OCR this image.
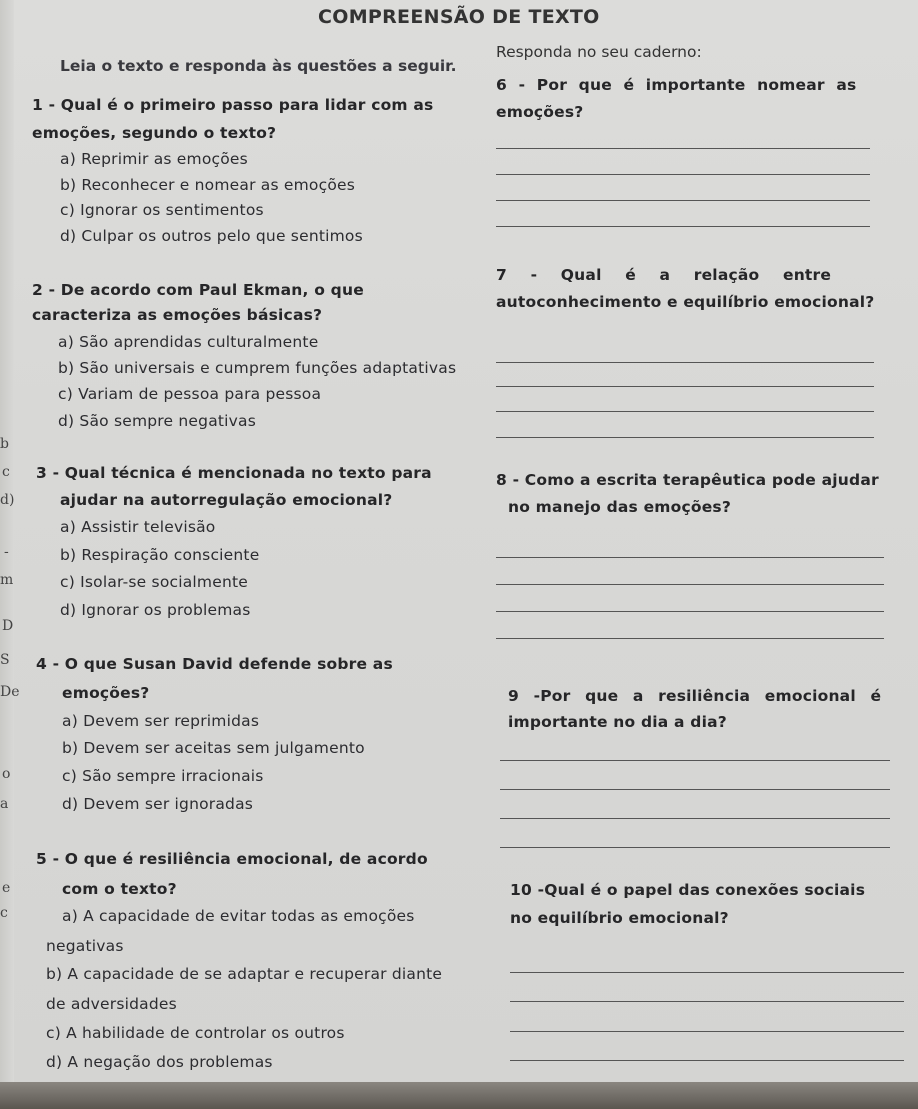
b
c
d)
-
m
D
S
De
o
a
e
c
COMPREENSÃO DE TEXTO
Leia o texto e responda às questões a seguir.
Responda no seu caderno:
1 - Qual é o primeiro passo para lidar com as
emoções, segundo o texto?
a) Reprimir as emoções
b) Reconhecer e nomear as emoções
c) Ignorar os sentimentos
d) Culpar os outros pelo que sentimos
2 - De acordo com Paul Ekman, o que
caracteriza as emoções básicas?
a) São aprendidas culturalmente
b) São universais e cumprem funções adaptativas
c) Variam de pessoa para pessoa
d) São sempre negativas
3 - Qual técnica é mencionada no texto para
ajudar na autorregulação emocional?
a) Assistir televisão
b) Respiração consciente
c) Isolar-se socialmente
d) Ignorar os problemas
4 - O que Susan David defende sobre as
emoções?
a) Devem ser reprimidas
b) Devem ser aceitas sem julgamento
c) São sempre irracionais
d) Devem ser ignoradas
5 - O que é resiliência emocional, de acordo
com o texto?
a) A capacidade de evitar todas as emoções
negativas
b) A capacidade de se adaptar e recuperar diante
de adversidades
c) A habilidade de controlar os outros
d) A negação dos problemas
6 - Por que é importante nomear as
emoções?
7 - Qual é a relação entre
autoconhecimento e equilíbrio emocional?
8 - Como a escrita terapêutica pode ajudar
no manejo das emoções?
9 -Por que a resiliência emocional é
importante no dia a dia?
10 -Qual é o papel das conexões sociais
no equilíbrio emocional?
